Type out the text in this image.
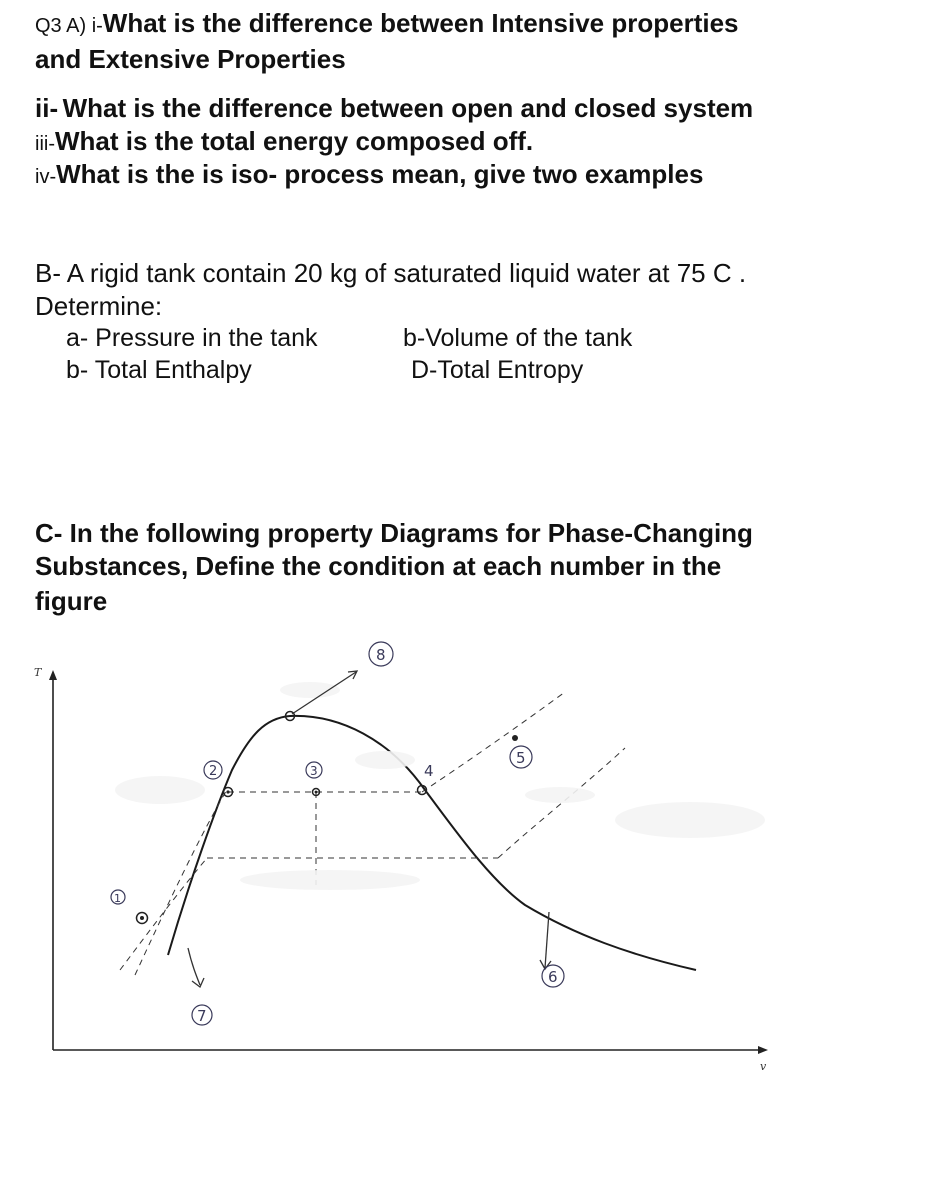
Q3 A) i-What is the difference between Intensive properties
and Extensive Properties
ii- What is the difference between open and closed system
iii-What is the total energy composed off.
iv-What is the is iso- process mean, give two examples
B- A rigid tank contain 20 kg of saturated liquid water at 75 C .
Determine:
a- Pressure in the tank	b-Volume of the tank
b- Total Enthalpy	D-Total Entropy
C- In the following property Diagrams for Phase-Changing
Substances, Define the condition at each number in the
figure
T
v
1
2	3	4
5
6
7
8
